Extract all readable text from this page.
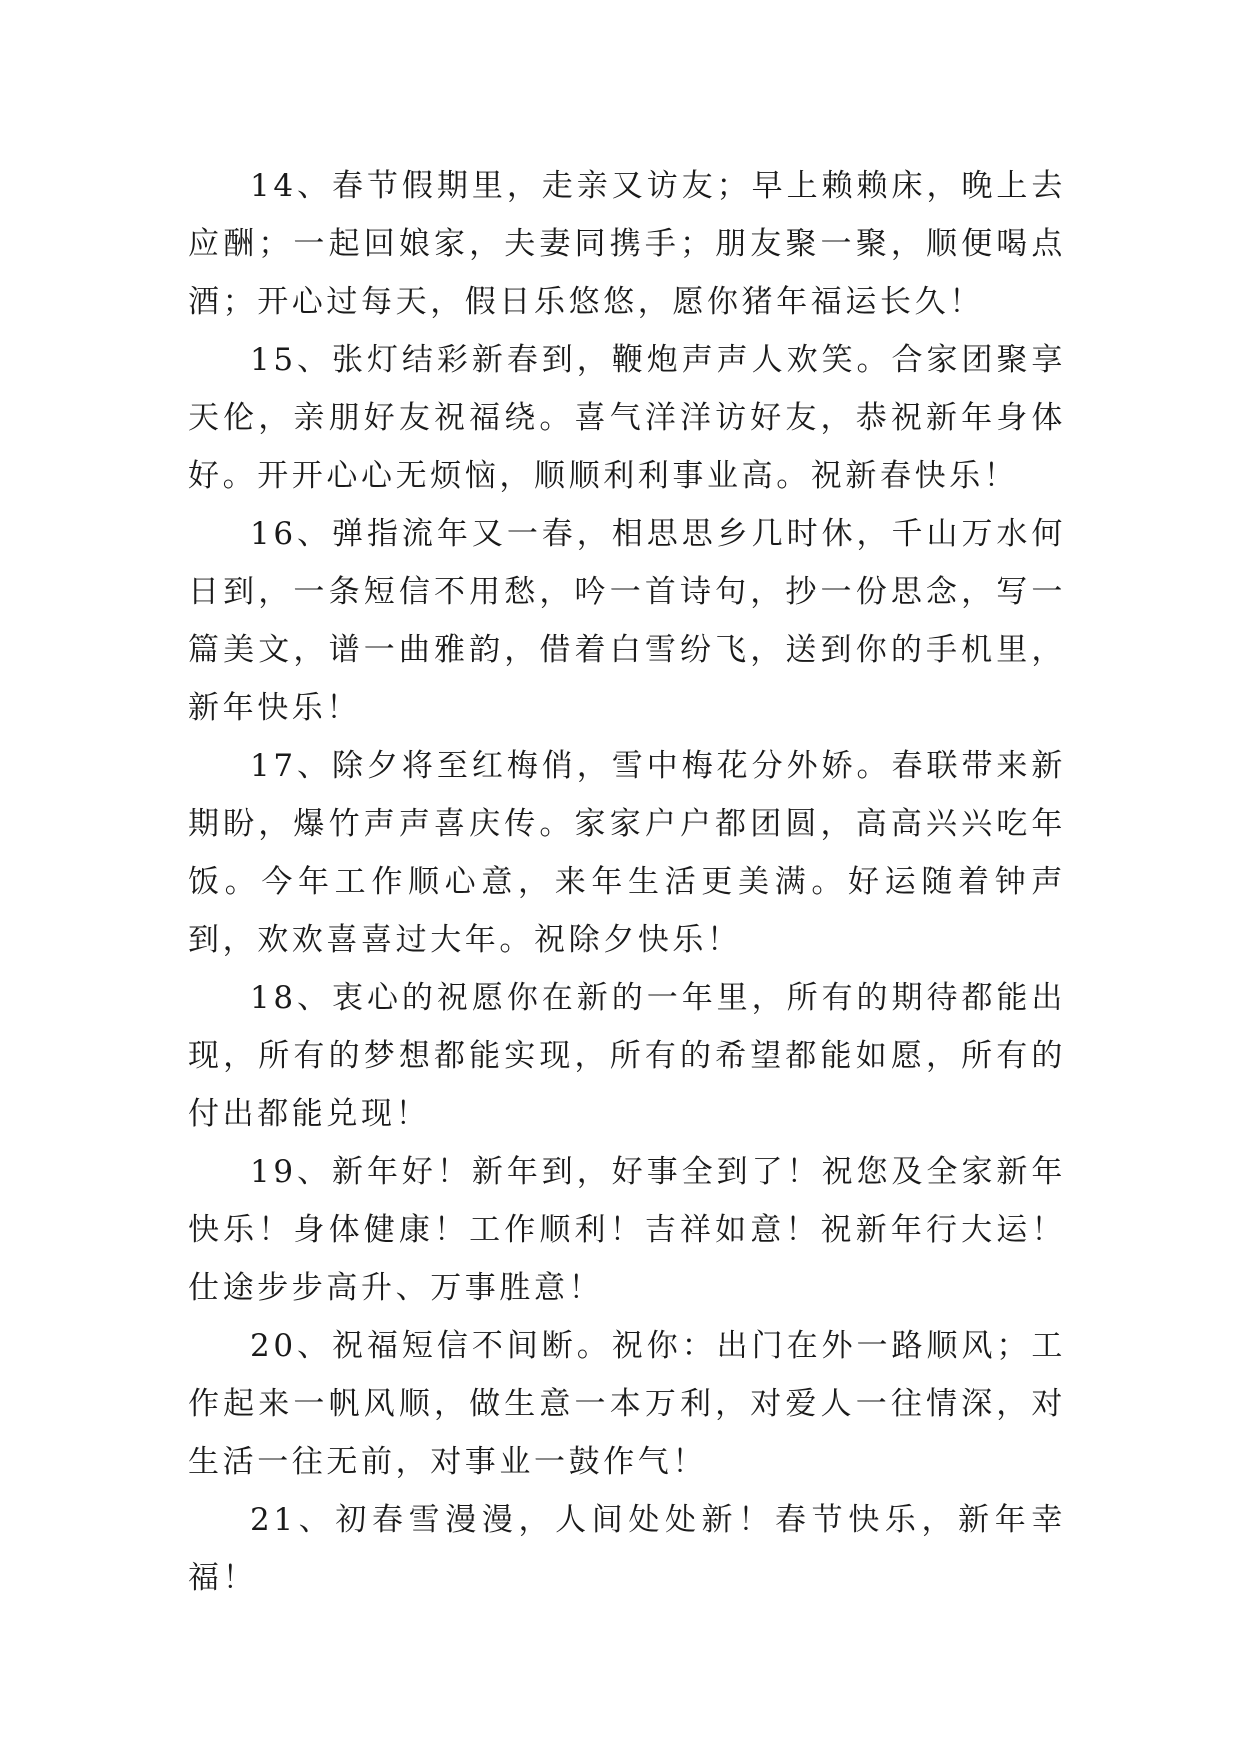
14、春节假期里，走亲又访友；早上赖赖床，晚上去应酬；一起回娘家，夫妻同携手；朋友聚一聚，顺便喝点酒；开心过每天，假日乐悠悠，愿你猪年福运长久！

15、张灯结彩新春到，鞭炮声声人欢笑。合家团聚享天伦，亲朋好友祝福绕。喜气洋洋访好友，恭祝新年身体好。开开心心无烦恼，顺顺利利事业高。祝新春快乐！

16、弹指流年又一春，相思思乡几时休，千山万水何日到，一条短信不用愁，吟一首诗句，抄一份思念，写一篇美文，谱一曲雅韵，借着白雪纷飞，送到你的手机里，新年快乐！

17、除夕将至红梅俏，雪中梅花分外娇。春联带来新期盼，爆竹声声喜庆传。家家户户都团圆，高高兴兴吃年饭。今年工作顺心意，来年生活更美满。好运随着钟声到，欢欢喜喜过大年。祝除夕快乐！

18、衷心的祝愿你在新的一年里，所有的期待都能出现，所有的梦想都能实现，所有的希望都能如愿，所有的付出都能兑现！

19、新年好！新年到，好事全到了！祝您及全家新年快乐！身体健康！工作顺利！吉祥如意！祝新年行大运！仕途步步高升、万事胜意！

20、祝福短信不间断。祝你：出门在外一路顺风；工作起来一帆风顺，做生意一本万利，对爱人一往情深，对生活一往无前，对事业一鼓作气！

21、初春雪漫漫，人间处处新！春节快乐，新年幸福！
